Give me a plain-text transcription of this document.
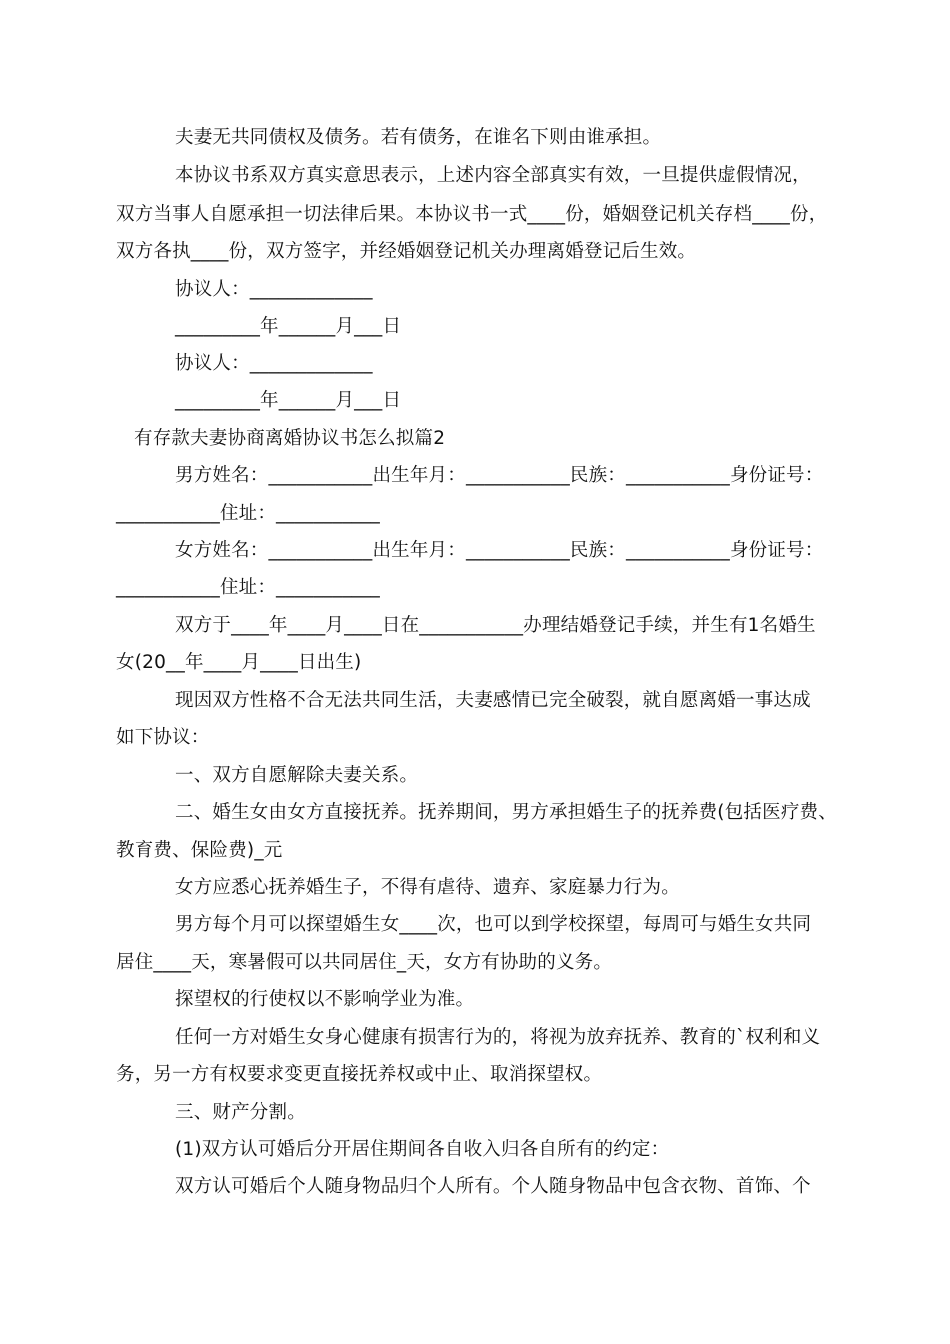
夫妻无共同债权及债务。若有债务，在谁名下则由谁承担。
本协议书系双方真实意思表示，上述内容全部真实有效，一旦提供虚假情况，
双方当事人自愿承担一切法律后果。本协议书一式____份，婚姻登记机关存档____份，
双方各执____份，双方签字，并经婚姻登记机关办理离婚登记后生效。
协议人：_____________
_________年______月___日
协议人：_____________
_________年______月___日
有存款夫妻协商离婚协议书怎么拟篇2
男方姓名：___________出生年月：___________民族：___________身份证号：
___________住址：___________
女方姓名：___________出生年月：___________民族：___________身份证号：
___________住址：___________
双方于____年____月____日在___________办理结婚登记手续，并生有1名婚生
女(20__年____月____日出生)
现因双方性格不合无法共同生活，夫妻感情已完全破裂，就自愿离婚一事达成
如下协议：
一、双方自愿解除夫妻关系。
二、婚生女由女方直接抚养。抚养期间，男方承担婚生子的抚养费(包括医疗费、
教育费、保险费)_元
女方应悉心抚养婚生子，不得有虐待、遗弃、家庭暴力行为。
男方每个月可以探望婚生女____次，也可以到学校探望，每周可与婚生女共同
居住____天，寒暑假可以共同居住_天，女方有协助的义务。
探望权的行使权以不影响学业为准。
任何一方对婚生女身心健康有损害行为的，将视为放弃抚养、教育的`权利和义
务，另一方有权要求变更直接抚养权或中止、取消探望权。
三、财产分割。
(1)双方认可婚后分开居住期间各自收入归各自所有的约定：
双方认可婚后个人随身物品归个人所有。个人随身物品中包含衣物、首饰、个
